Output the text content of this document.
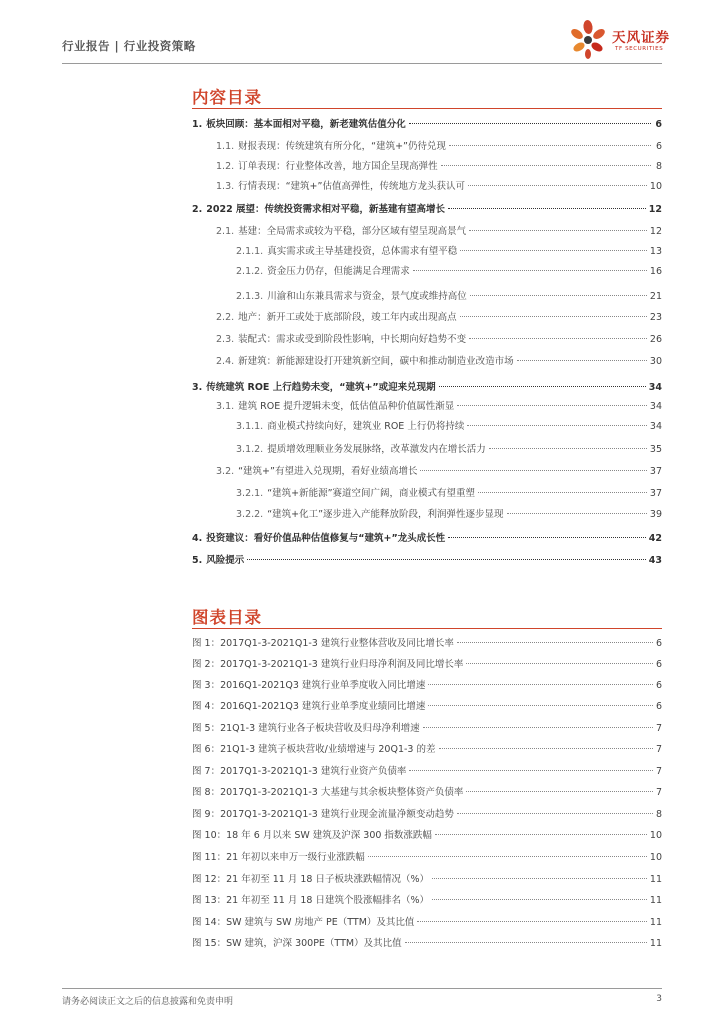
行业报告 | 行业投资策略	天风证券
TF SECURITIES
内容目录
1. 板块回顾：基本面相对平稳，新老建筑估值分化	6
1.1. 财报表现：传统建筑有所分化，“建筑+”仍待兑现	6
1.2. 订单表现：行业整体改善，地方国企呈现高弹性	8
1.3. 行情表现：“建筑+”估值高弹性，传统地方龙头获认可	10
2. 2022 展望：传统投资需求相对平稳，新基建有望高增长	12
2.1. 基建：全局需求或较为平稳，部分区域有望呈现高景气	12
2.1.1. 真实需求或主导基建投资，总体需求有望平稳	13
2.1.2. 资金压力仍存，但能满足合理需求	16
2.1.3. 川渝和山东兼具需求与资金，景气度或维持高位	21
2.2. 地产：新开工或处于底部阶段，竣工年内或出现高点	23
2.3. 装配式：需求或受到阶段性影响，中长期向好趋势不变	26
2.4. 新建筑：新能源建设打开建筑新空间，碳中和推动制造业改造市场	30
3. 传统建筑 ROE 上行趋势未变，“建筑+”或迎来兑现期	34
3.1. 建筑 ROE 提升逻辑未变，低估值品种价值属性渐显	34
3.1.1. 商业模式持续向好，建筑业 ROE 上行仍将持续	34
3.1.2. 提质增效理顺业务发展脉络，改革激发内在增长活力	35
3.2. “建筑+”有望进入兑现期，看好业绩高增长	37
3.2.1. “建筑+新能源”赛道空间广阔，商业模式有望重塑	37
3.2.2. “建筑+化工”逐步进入产能释放阶段，利润弹性逐步显现	39
4. 投资建议：看好价值品种估值修复与“建筑+”龙头成长性	42
5. 风险提示	43
图表目录
图 1：2017Q1-3-2021Q1-3 建筑行业整体营收及同比增长率	6
图 2：2017Q1-3-2021Q1-3 建筑行业归母净利润及同比增长率	6
图 3：2016Q1-2021Q3 建筑行业单季度收入同比增速	6
图 4：2016Q1-2021Q3 建筑行业单季度业绩同比增速	6
图 5：21Q1-3 建筑行业各子板块营收及归母净利增速	7
图 6：21Q1-3 建筑子板块营收/业绩增速与 20Q1-3 的差	7
图 7：2017Q1-3-2021Q1-3 建筑行业资产负债率	7
图 8：2017Q1-3-2021Q1-3 大基建与其余板块整体资产负债率	7
图 9：2017Q1-3-2021Q1-3 建筑行业现金流量净额变动趋势	8
图 10：18 年 6 月以来 SW 建筑及沪深 300 指数涨跌幅	10
图 11：21 年初以来申万一级行业涨跌幅	10
图 12：21 年初至 11 月 18 日子板块涨跌幅情况（%）	11
图 13：21 年初至 11 月 18 日建筑个股涨幅排名（%）	11
图 14：SW 建筑与 SW 房地产 PE（TTM）及其比值	11
图 15：SW 建筑，沪深 300PE（TTM）及其比值	11
请务必阅读正文之后的信息披露和免责申明	3
